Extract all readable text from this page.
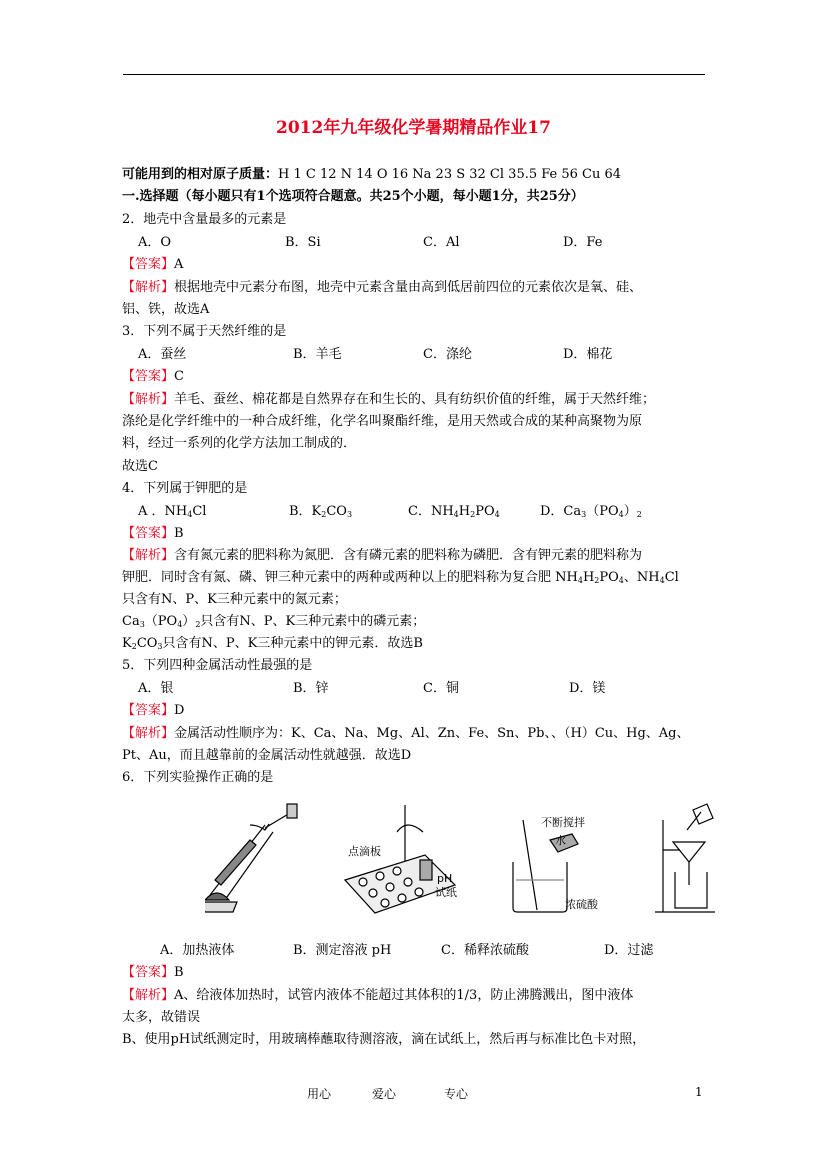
2012年九年级化学暑期精品作业17
可能用到的相对原子质量：H 1 C 12 N 14 O 16 Na 23 S 32 Cl 35.5 Fe 56 Cu 64
一.选择题（每小题只有1个选项符合题意。共25个小题，每小题1分，共25分）
2．地壳中含量最多的元素是
A．O	B．Si	C．Al	D．Fe
【答案】A
【解析】根据地壳中元素分布图，地壳中元素含量由高到低居前四位的元素依次是氧、硅、
铝、铁，故选A
3．下列不属于天然纤维的是
A．蚕丝	B．羊毛	C．涤纶	D．棉花
【答案】C
【解析】羊毛、蚕丝、棉花都是自然界存在和生长的、具有纺织价值的纤维，属于天然纤维；
涤纶是化学纤维中的一种合成纤维，化学名叫聚酯纤维，是用天然或合成的某种高聚物为原
料，经过一系列的化学方法加工制成的．
故选C
4．下列属于钾肥的是
A ．$NH_4Cl$	B．$K_2CO_3$	C．$NH_4H_2PO_4$	D．$Ca_3(PO_4)_2$
【答案】B
【解析】含有氮元素的肥料称为氮肥．含有磷元素的肥料称为磷肥．含有钾元素的肥料称为
钾肥．同时含有氮、磷、钾三种元素中的两种或两种以上的肥料称为复合肥 $NH_4H_2PO_4$、$NH_4Cl$
只含有N、P、K三种元素中的氮元素；
$Ca_3(PO_4)_2$只含有N、P、K三种元素中的磷元素；
$K_2CO_3$只含有N、P、K三种元素中的钾元素．故选B
5．下列四种金属活动性最强的是
A．银	B．锌	C．铜	D．镁
【答案】D
【解析】金属活动性顺序为：K、Ca、Na、Mg、Al、Zn、Fe、Sn、Pb、、（H）Cu、Hg、Ag、
Pt、Au，而且越靠前的金属活动性就越强．故选D
6．下列实验操作正确的是
点滴板
pH
试纸
不断搅拌
水
浓硫酸
A．加热液体	B．测定溶液 pH	C．稀释浓硫酸	D．过滤
【答案】B
【解析】A、给液体加热时，试管内液体不能超过其体积的1/3，防止沸腾溅出，图中液体
太多，故错误
B、使用pH试纸测定时，用玻璃棒蘸取待测溶液，滴在试纸上，然后再与标准比色卡对照，
用心	爱心	专心	1
